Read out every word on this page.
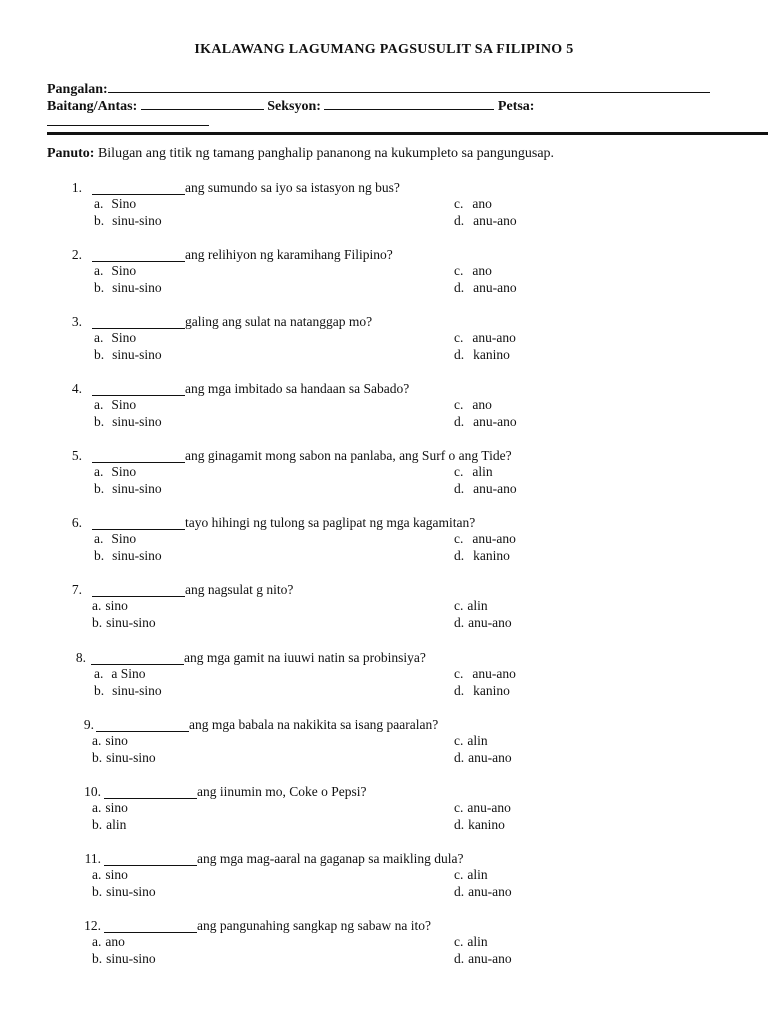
IKALAWANG LAGUMANG PAGSUSULIT SA FILIPINO 5
Pangalan:
Baitang/Antas:	Seksyon:	Petsa:
Panuto: Bilugan ang titik ng tamang panghalip pananong na kukumpleto sa pangungusap.
1.	ang sumundo sa iyo sa istasyon ng bus?
a. Sino
b. sinu-sino
c. ano
d. anu-ano
2.	ang relihiyon ng karamihang Filipino?
a. Sino
b. sinu-sino
c. ano
d. anu-ano
3.	galing ang sulat na natanggap mo?
a. Sino
b. sinu-sino
c. anu-ano
d. kanino
4.	ang mga imbitado sa handaan sa Sabado?
a. Sino
b. sinu-sino
c. ano
d. anu-ano
5.	ang ginagamit mong sabon na panlaba, ang Surf o ang Tide?
a. Sino
b. sinu-sino
c. alin
d. anu-ano
6.	tayo hihingi ng tulong sa paglipat ng mga kagamitan?
a. Sino
b. sinu-sino
c. anu-ano
d. kanino
7.	ang nagsulat g nito?
a. sino
b. sinu-sino
c. alin
d. anu-ano
8.	ang mga gamit na iuuwi natin sa probinsiya?
a. a Sino
b. sinu-sino
c. anu-ano
d. kanino
9.	ang mga babala na nakikita sa isang paaralan?
a. sino
b. sinu-sino
c. alin
d. anu-ano
10.	ang iinumin mo, Coke o Pepsi?
a. sino
b. alin
c. anu-ano
d. kanino
11.	ang mga mag-aaral na gaganap sa maikling dula?
a. sino
b. sinu-sino
c. alin
d. anu-ano
12.	ang pangunahing sangkap ng sabaw na ito?
a. ano
b. sinu-sino
c. alin
d. anu-ano
